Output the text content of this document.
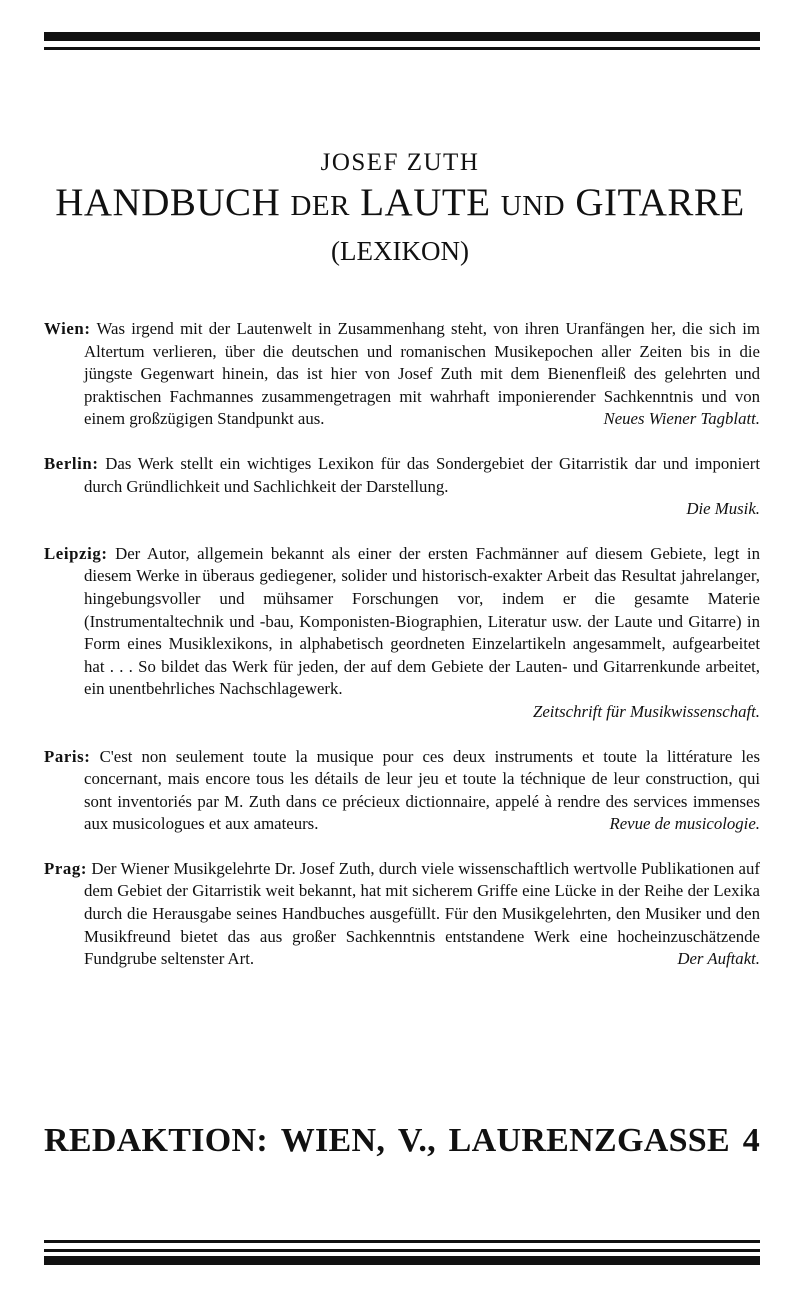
JOSEF ZUTH
HANDBUCH DER LAUTE UND GITARRE
(LEXIKON)
Wien: Was irgend mit der Lautenwelt in Zusammenhang steht, von ihren Uranfängen her, die sich im Altertum verlieren, über die deutschen und romanischen Musikepochen aller Zeiten bis in die jüngste Gegenwart hinein, das ist hier von Josef Zuth mit dem Bienenfleiß des gelehrten und praktischen Fachmannes zusammengetragen mit wahrhaft imponierender Sachkenntnis und von einem großzügigen Standpunkt aus.	Neues Wiener Tagblatt.
Berlin: Das Werk stellt ein wichtiges Lexikon für das Sondergebiet der Gitarristik dar und imponiert durch Gründlichkeit und Sachlichkeit der Darstellung.
Die Musik.
Leipzig: Der Autor, allgemein bekannt als einer der ersten Fachmänner auf diesem Gebiete, legt in diesem Werke in überaus gediegener, solider und historisch-exakter Arbeit das Resultat jahrelanger, hingebungsvoller und mühsamer Forschungen vor, indem er die gesamte Materie (Instrumentaltechnik und -bau, Komponisten-Biographien, Literatur usw. der Laute und Gitarre) in Form eines Musiklexikons, in alphabetisch geordneten Einzelartikeln angesammelt, aufgearbeitet hat . . . So bildet das Werk für jeden, der auf dem Gebiete der Lauten- und Gitarrenkunde arbeitet, ein unentbehrliches Nachschlagewerk.
Zeitschrift für Musikwissenschaft.
Paris: C'est non seulement toute la musique pour ces deux instruments et toute la littérature les concernant, mais encore tous les détails de leur jeu et toute la téchnique de leur construction, qui sont inventoriés par M. Zuth dans ce précieux dictionnaire, appelé à rendre des services immenses aux musicologues et aux amateurs.	Revue de musicologie.
Prag: Der Wiener Musikgelehrte Dr. Josef Zuth, durch viele wissenschaftlich wertvolle Publikationen auf dem Gebiet der Gitarristik weit bekannt, hat mit sicherem Griffe eine Lücke in der Reihe der Lexika durch die Herausgabe seines Handbuches ausgefüllt. Für den Musikgelehrten, den Musiker und den Musikfreund bietet das aus großer Sachkenntnis entstandene Werk eine hocheinzuschätzende Fundgrube seltenster Art.	Der Auftakt.
REDAKTION: WIEN, V., LAURENZGASSE 4
